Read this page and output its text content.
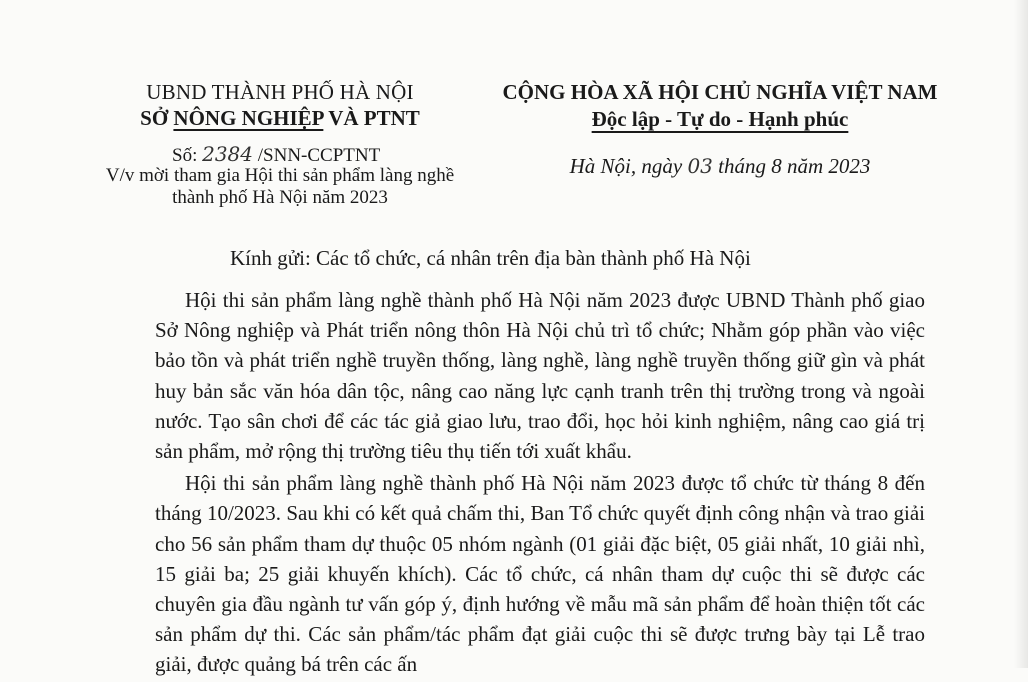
UBND THÀNH PHỐ HÀ NỘI
SỞ NÔNG NGHIỆP VÀ PTNT
Số: 2384 /SNN-CCPTNT
V/v mời tham gia Hội thi sản phẩm làng nghề
thành phố Hà Nội năm 2023
CỘNG HÒA XÃ HỘI CHỦ NGHĨA VIỆT NAM
Độc lập - Tự do - Hạnh phúc
Hà Nội, ngày 03 tháng 8 năm 2023
Kính gửi: Các tổ chức, cá nhân trên địa bàn thành phố Hà Nội

Hội thi sản phẩm làng nghề thành phố Hà Nội năm 2023 được UBND Thành phố giao Sở Nông nghiệp và Phát triển nông thôn Hà Nội chủ trì tổ chức; Nhằm góp phần vào việc bảo tồn và phát triển nghề truyền thống, làng nghề, làng nghề truyền thống giữ gìn và phát huy bản sắc văn hóa dân tộc, nâng cao năng lực cạnh tranh trên thị trường trong và ngoài nước. Tạo sân chơi để các tác giả giao lưu, trao đổi, học hỏi kinh nghiệm, nâng cao giá trị sản phẩm, mở rộng thị trường tiêu thụ tiến tới xuất khẩu.

Hội thi sản phẩm làng nghề thành phố Hà Nội năm 2023 được tổ chức từ tháng 8 đến tháng 10/2023. Sau khi có kết quả chấm thi, Ban Tổ chức quyết định công nhận và trao giải cho 56 sản phẩm tham dự thuộc 05 nhóm ngành (01 giải đặc biệt, 05 giải nhất, 10 giải nhì, 15 giải ba; 25 giải khuyến khích). Các tổ chức, cá nhân tham dự cuộc thi sẽ được các chuyên gia đầu ngành tư vấn góp ý, định hướng về mẫu mã sản phẩm để hoàn thiện tốt các sản phẩm dự thi. Các sản phẩm/tác phẩm đạt giải cuộc thi sẽ được trưng bày tại Lễ trao giải, được quảng bá trên các ấn
